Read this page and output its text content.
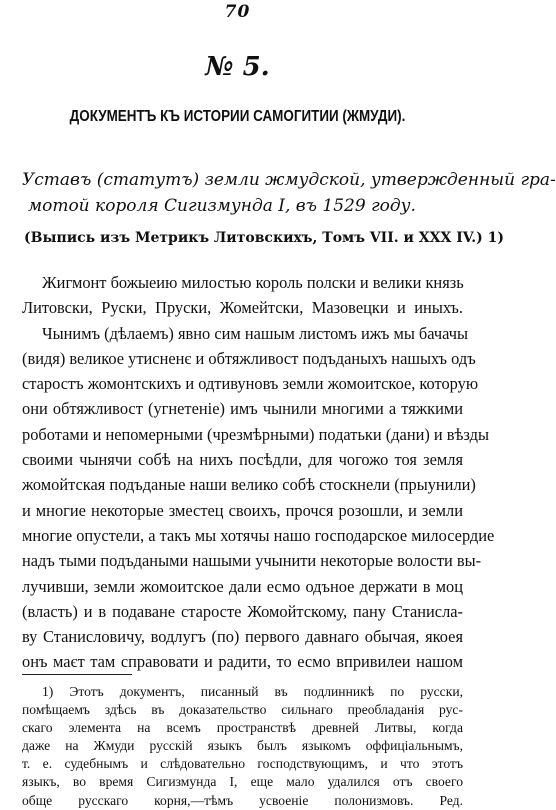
70
№ 5.
ДОКУМЕНТЪ КЪ ИСТОРИИ САМОГИТИИ (ЖМУДИ).
Уставъ (статутъ) земли жмудской, утвержденный гра-
мотой короля Сигизмунда I, въ 1529 году.
(Выпись изъ Метрикъ Литовскихъ, Томъ VII. и XXX IV.) 1)
Жигмонт божыеию милостью король полски и велики князь
Литовски, Руски, Пруски, Жомейтски, Мазовецки и иныхъ.
Чынимъ (дѣлаемъ) явно сим нашым листомъ ижъ мы бачачы
(видя) великое утисненє и обтяжливост подъданыхъ нашыхъ одъ
старостъ жомонтскихъ и одтивуновъ земли жомоитское, которую
они обтяжливост (угнетеніе) имъ чынили многими а тяжкими
роботами и непомерными (чрезмѣрными) податьки (дани) и вѣзды
своими чынячи собѣ на нихъ посѣдли, для чогожо тоя земля
жомойтская подъданые наши велико собѣ стоскнели (прыунили)
и многие некоторые зместец своихъ, прочся розошли, и земли
многие опустели, а такъ мы хотячы нашо господарское милосердие
надъ тыми подъдаными нашыми учынити некоторые волости вы-
лучивши, земли жомоитское дали есмо одъное держати в моц
(власть) и в подаване старосте Жомойтскому, пану Станисла-
ву Станисловичу, водлугъ (по) первого давнаго обычая, якоея
онъ маєт там справовати и радити, то есмо впривилеи нашом
1) Этотъ документъ, писанный въ подлинникѣ по русски,
помѣщаемъ здѣсь въ доказательство сильнаго преобладанія рус-
скаго элемента на всемъ пространствѣ древней Литвы, когда
даже на Жмуди русскій языкъ былъ языкомъ оффиціальнымъ,
т. е. судебнымъ и слѣдовательно господствующимъ, и что этотъ
языкъ, во время Сигизмунда I, еще мало удалился отъ своего
обще русскаго корня,—тѣмъ усвоеніе полонизмовъ. Ред.
